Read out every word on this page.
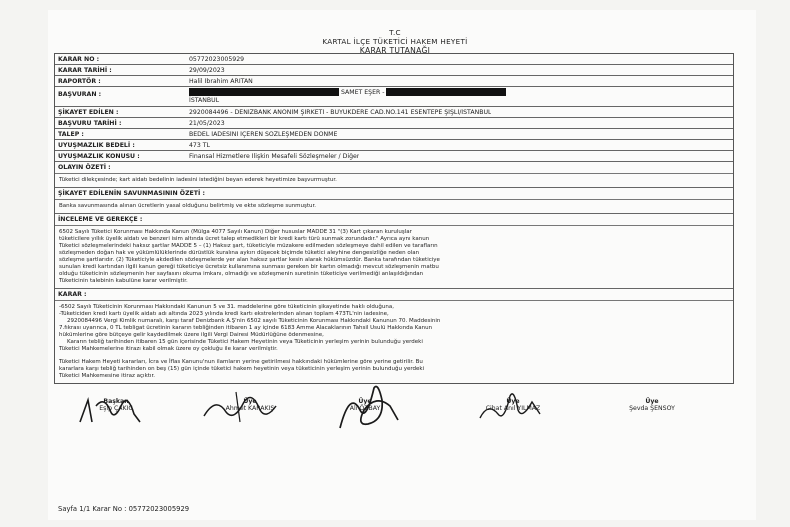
T.C
KARTAL İLÇE TÜKETİCİ HAKEM HEYETİ
KARAR TUTANAĞI
KARAR NO :	05772023005929
KARAR TARİHİ :	29/09/2023
RAPORTÖR :	Halil İbrahim ARITAN
BAŞVURAN :	SAMET EŞER -
İSTANBUL
ŞİKAYET EDİLEN :	2920084496 - DENİZBANK ANONİM ŞİRKETİ - BÜYÜKDERE CAD.NO.141 ESENTEPE ŞİŞLİ/İSTANBUL
BAŞVURU TARİHİ :	21/05/2023
TALEP :	BEDEL İADESİNİ İÇEREN SÖZLEŞMEDEN DÖNME
UYUŞMAZLIK BEDELİ :	473 TL
UYUŞMAZLIK KONUSU :	Finansal Hizmetlere İlişkin Mesafeli Sözleşmeler / Diğer
OLAYIN ÖZETİ :
Tüketici dilekçesinde; kart aidatı bedelinin iadesini istediğini beyan ederek heyetimize başvurmuştur.
ŞİKAYET EDİLENİN SAVUNMASININ ÖZETİ :
Banka savunmasında alınan ücretlerin yasal olduğunu belirtmiş ve ekte sözleşme sunmuştur.
İNCELEME VE GEREKÇE :
6502 Sayılı Tüketici Korunması Hakkında Kanun (Mülga 4077 Sayılı Kanun) Diğer hususlar MADDE 31 "(3) Kart çıkaran kuruluşlar
tüketicilere yıllık üyelik aidatı ve benzeri isim altında ücret talep etmedikleri bir kredi kartı türü sunmak zorundadır." Ayrıca aynı kanun
Tüketici sözleşmelerindeki haksız şartlar MADDE 5 – (1) Haksız şart, tüketiciyle müzakere edilmeden sözleşmeye dahil edilen ve tarafların
sözleşmeden doğan hak ve yükümlülüklerinde dürüstlük kuralına aykırı düşecek biçimde tüketici aleyhine dengesizliğe neden olan
sözleşme şartlarıdır. (2) Tüketiciyle akdedilen sözleşmelerde yer alan haksız şartlar kesin alarak hükümsüzdür. Banka tarafından tüketiciye
sunulan kredi kartından ilgili kanun gereği tüketiciye ücretsiz kullanımına sunması gereken bir kartın olmadığı mevcut sözleşmenin matbu
olduğu tüketicinin sözleşmenin her sayfasını okuma imkanı, olmadığı ve sözleşmenin suretinin tüketiciye verilmediği anlaşıldığından
Tüketicinin talebinin kabulüne karar verilmiştir.
KARAR :
-6502 Sayılı Tüketicinin Korunması Hakkındaki Kanunun 5 ve 31. maddelerine göre tüketicinin şikayetinde haklı olduğuna,
-Tüketiciden kredi kartı üyelik aidatı adı altında 2023 yılında kredi kartı ekstrelerinden alınan toplam 473TL'nin iadesine,
2920084496 Vergi Kimlik numaralı, karşı taraf Denizbank A.Ş'nin 6502 sayılı Tüketicinin Korunması Hakkındaki Kanunun 70. Maddesinin
7.fıkrası uyarınca, 0 TL tebligat ücretinin kararın tebliğinden itibaren 1 ay içinde 6183 Amme Alacaklarının Tahsil Usulü Hakkında Kanun
hükümlerine göre bütçeye gelir kaydedilmek üzere ilgili Vergi Dairesi Müdürlüğüne ödenmesine,
Kararın tebliğ tarihinden itibaren 15 gün içerisinde Tüketici Hakem Heyetinin veya Tüketicinin yerleşim yerinin bulunduğu yerdeki
Tüketici Mahkemelerine itirazı kabil olmak üzere oy çokluğu ile karar verilmiştir.
Tüketici Hakem Heyeti kararları, İcra ve İflas Kanunu'nun ilamların yerine getirilmesi hakkındaki hükümlerine göre yerine getirilir. Bu
kararlara karşı tebliğ tarihinden on beş (15) gün içinde tüketici hakem heyetinin veya tüketicinin yerleşim yerinin bulunduğu yerdeki
Tüketici Mahkemesine itiraz açıktır.
Başkan
Eşip ÇAKIC
Üye
Ahmet KARAKIŞ
Üye
Ali ÖZBAY
Üye
Cihat Anıl YILMAZ
Üye
Şevda ŞENSOY
Sayfa 1/1 Karar No : 05772023005929
